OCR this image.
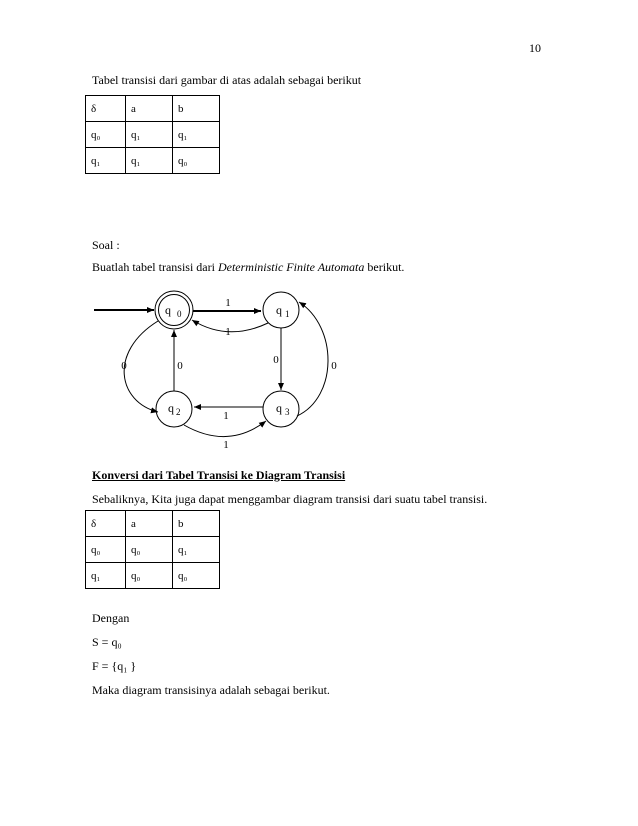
10
Tabel transisi dari gambar di atas adalah sebagai berikut
δ	a	b
q₀	q₁	q₁
q₁	q₁	q₀
Soal :
Buatlah tabel transisi dari Deterministic Finite Automata berikut.
q 0	q 1
q 2	q 3
1
1
0	0	0	0
1
1
Konversi dari Tabel Transisi ke Diagram Transisi
Sebaliknya, Kita juga dapat menggambar diagram transisi dari suatu tabel transisi.
δ	a	b
q₀	q₀	q₁
q₁	q₀	q₀
Dengan
S = q₀
F = {q₁ }
Maka diagram transisinya adalah sebagai berikut.
